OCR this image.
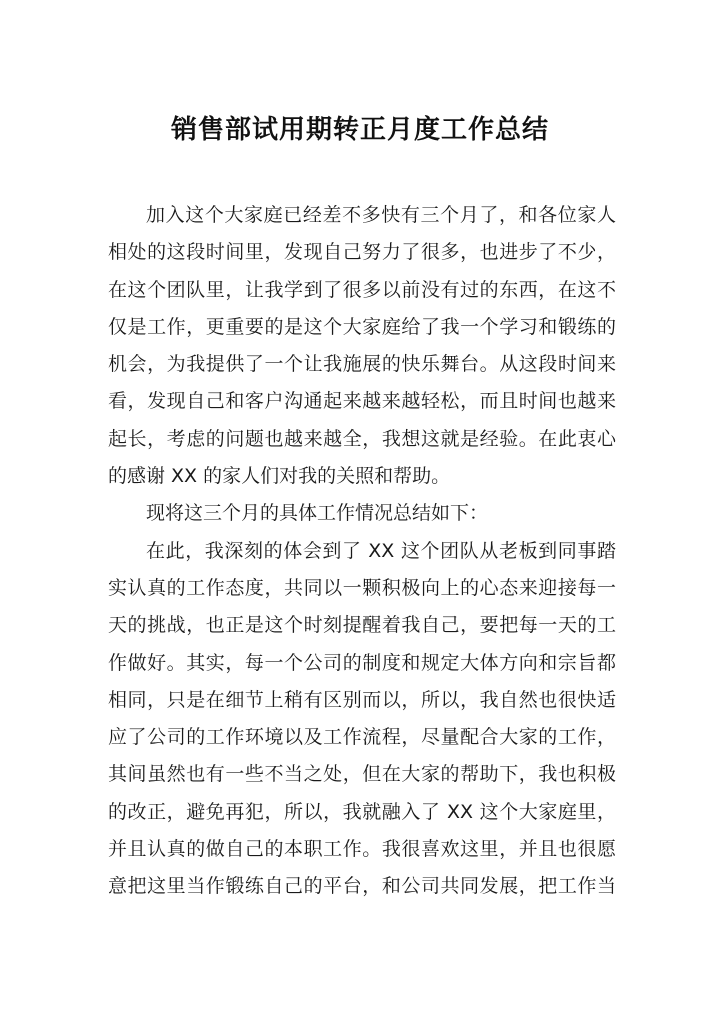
销售部试用期转正月度工作总结
加入这个大家庭已经差不多快有三个月了，和各位家人
相处的这段时间里，发现自己努力了很多，也进步了不少，
在这个团队里，让我学到了很多以前没有过的东西，在这不
仅是工作，更重要的是这个大家庭给了我一个学习和锻练的
机会，为我提供了一个让我施展的快乐舞台。从这段时间来
看，发现自己和客户沟通起来越来越轻松，而且时间也越来
起长，考虑的问题也越来越全，我想这就是经验。在此衷心
的感谢 XX 的家人们对我的关照和帮助。
现将这三个月的具体工作情况总结如下：
在此，我深刻的体会到了 XX 这个团队从老板到同事踏
实认真的工作态度，共同以一颗积极向上的心态来迎接每一
天的挑战，也正是这个时刻提醒着我自己，要把每一天的工
作做好。其实，每一个公司的制度和规定大体方向和宗旨都
相同，只是在细节上稍有区别而以，所以，我自然也很快适
应了公司的工作环境以及工作流程，尽量配合大家的工作，
其间虽然也有一些不当之处，但在大家的帮助下，我也积极
的改正，避免再犯，所以，我就融入了 XX 这个大家庭里，
并且认真的做自己的本职工作。我很喜欢这里，并且也很愿
意把这里当作锻练自己的平台，和公司共同发展，把工作当
